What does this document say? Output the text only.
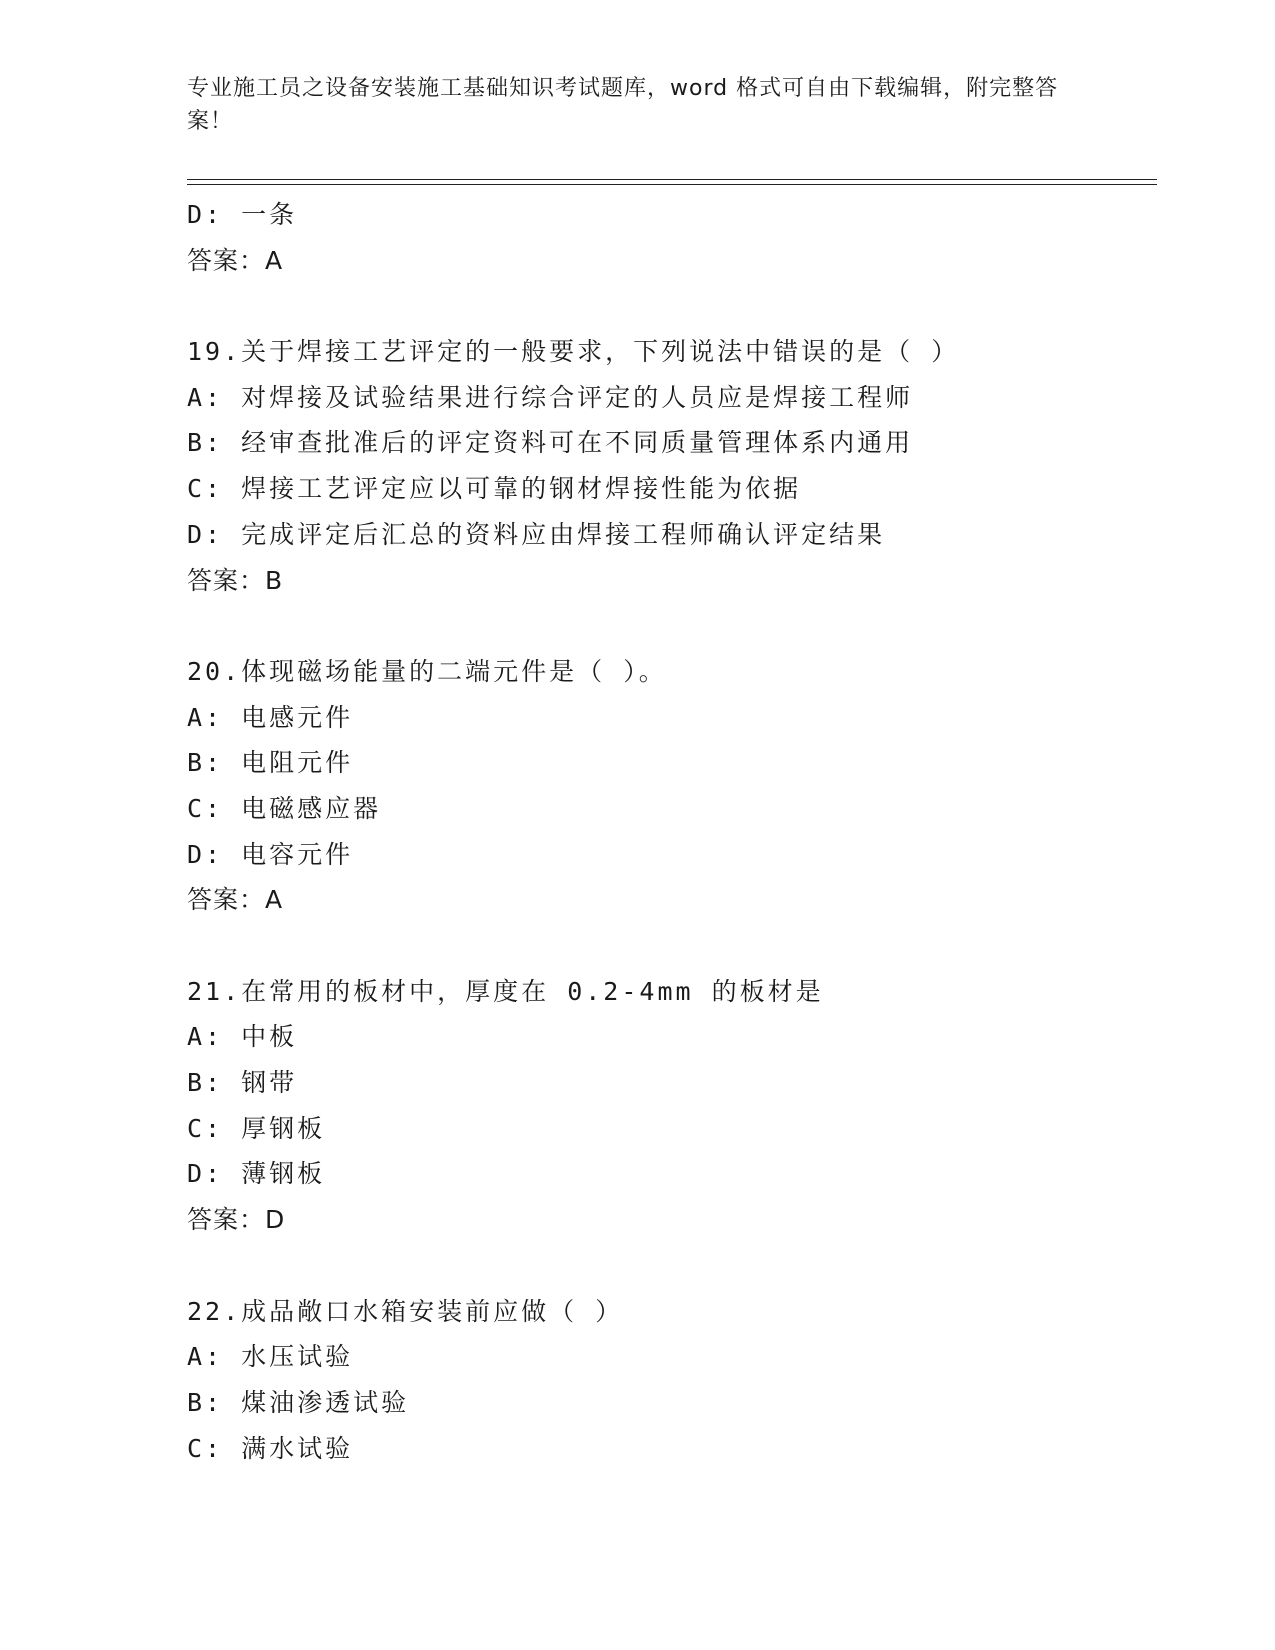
专业施工员之设备安装施工基础知识考试题库，word 格式可自由下载编辑，附完整答案！
D: 一条
答案：A
19.关于焊接工艺评定的一般要求，下列说法中错误的是（ ）
A: 对焊接及试验结果进行综合评定的人员应是焊接工程师
B: 经审查批准后的评定资料可在不同质量管理体系内通用
C: 焊接工艺评定应以可靠的钢材焊接性能为依据
D: 完成评定后汇总的资料应由焊接工程师确认评定结果
答案：B
20.体现磁场能量的二端元件是（ ）。
A: 电感元件
B: 电阻元件
C: 电磁感应器
D: 电容元件
答案：A
21.在常用的板材中，厚度在 0.2-4mm 的板材是
A: 中板
B: 钢带
C: 厚钢板
D: 薄钢板
答案：D
22.成品敞口水箱安装前应做（ ）
A: 水压试验
B: 煤油渗透试验
C: 满水试验
